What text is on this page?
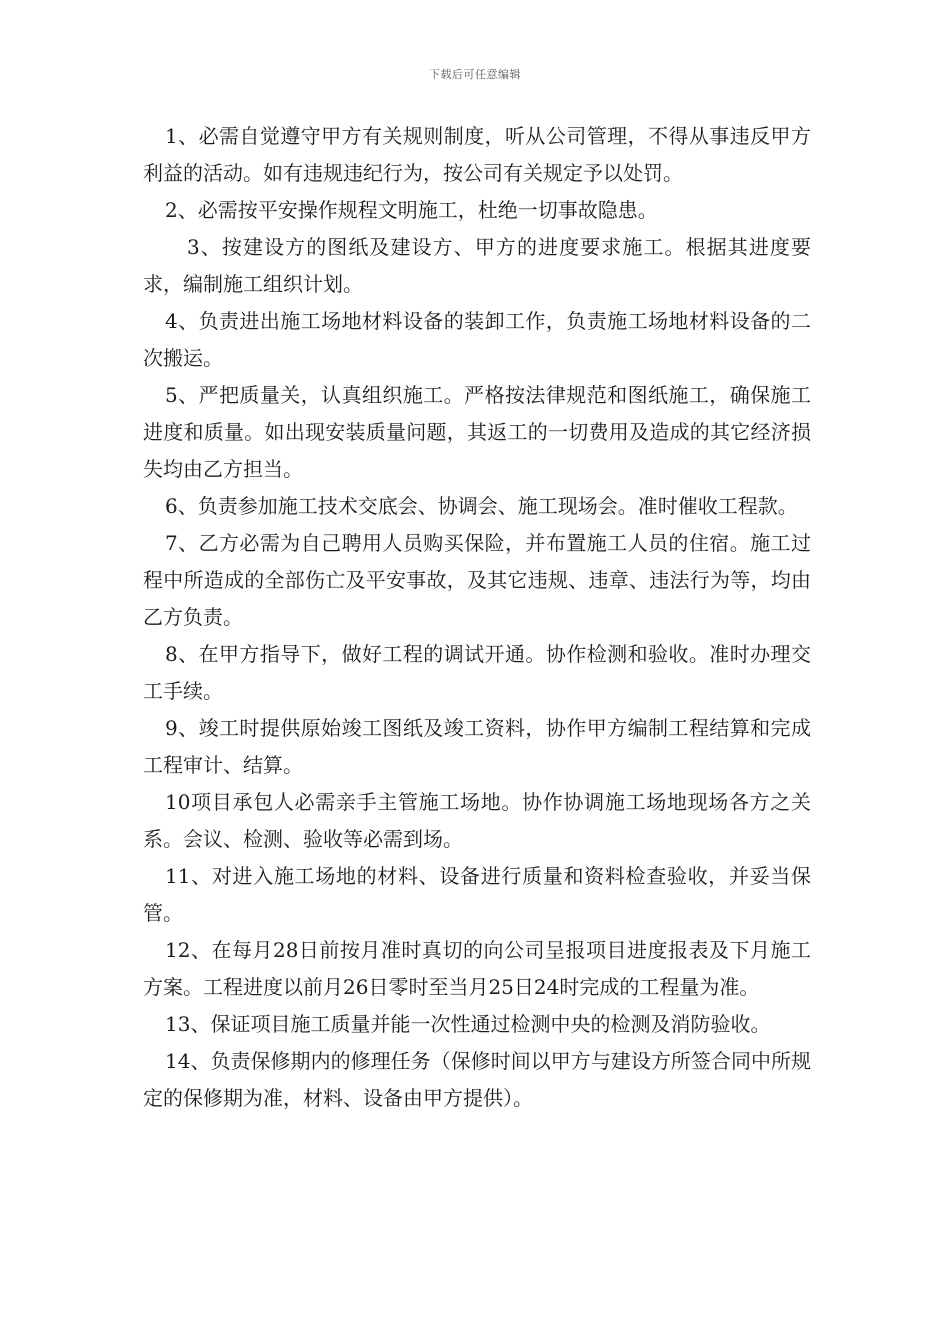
下载后可任意编辑

1、必需自觉遵守甲方有关规则制度，听从公司管理，不得从事违反甲方利益的活动。如有违规违纪行为，按公司有关规定予以处罚。

2、必需按平安操作规程文明施工，杜绝一切事故隐患。

3、按建设方的图纸及建设方、甲方的进度要求施工。根据其进度要求，编制施工组织计划。

4、负责进出施工场地材料设备的装卸工作，负责施工场地材料设备的二次搬运。

5、严把质量关，认真组织施工。严格按法律规范和图纸施工，确保施工进度和质量。如出现安装质量问题，其返工的一切费用及造成的其它经济损失均由乙方担当。

6、负责参加施工技术交底会、协调会、施工现场会。准时催收工程款。

7、乙方必需为自己聘用人员购买保险，并布置施工人员的住宿。施工过程中所造成的全部伤亡及平安事故，及其它违规、违章、违法行为等，均由乙方负责。

8、在甲方指导下，做好工程的调试开通。协作检测和验收。准时办理交工手续。

9、竣工时提供原始竣工图纸及竣工资料，协作甲方编制工程结算和完成工程审计、结算。

10项目承包人必需亲手主管施工场地。协作协调施工场地现场各方之关系。会议、检测、验收等必需到场。

11、对进入施工场地的材料、设备进行质量和资料检查验收，并妥当保管。

12、在每月28日前按月准时真切的向公司呈报项目进度报表及下月施工方案。工程进度以前月26日零时至当月25日24时完成的工程量为准。

13、保证项目施工质量并能一次性通过检测中央的检测及消防验收。

14、负责保修期内的修理任务（保修时间以甲方与建设方所签合同中所规定的保修期为准，材料、设备由甲方提供）。
